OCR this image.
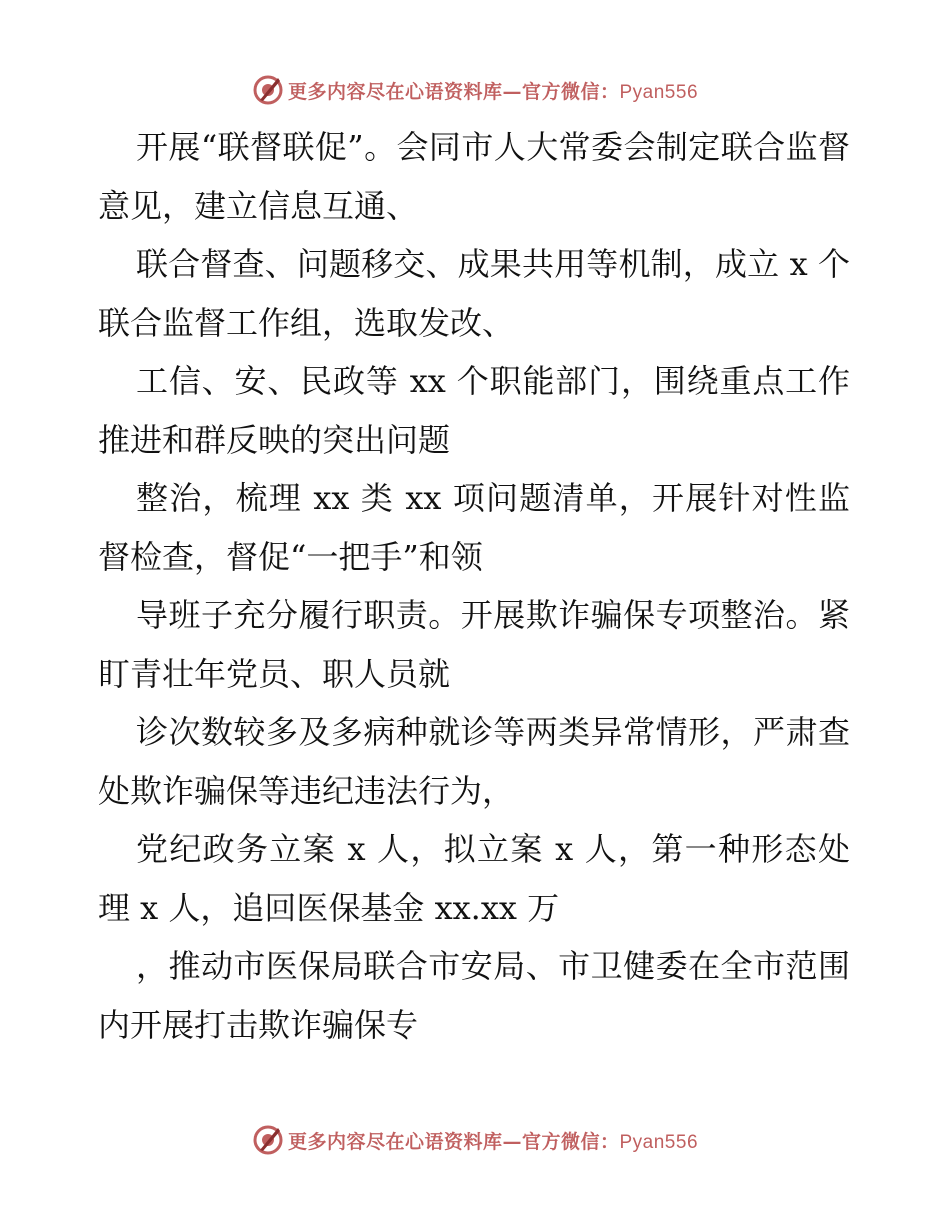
更多内容尽在心语资料库—官方微信：Pyan556

开展“联督联促”。会同市人大常委会制定联合监督意见，建立信息互通、

联合督查、问题移交、成果共用等机制，成立 x 个联合监督工作组，选取发改、

工信、安、民政等 xx 个职能部门，围绕重点工作推进和群反映的突出问题

整治，梳理 xx 类 xx 项问题清单，开展针对性监督检查，督促“一把手”和领

导班子充分履行职责。开展欺诈骗保专项整治。紧盯青壮年党员、职人员就

诊次数较多及多病种就诊等两类异常情形，严肃查处欺诈骗保等违纪违法行为，

党纪政务立案 x 人，拟立案 x 人，第一种形态处理 x 人，追回医保基金 xx.xx 万

，推动市医保局联合市安局、市卫健委在全市范围内开展打击欺诈骗保专

更多内容尽在心语资料库—官方微信：Pyan556
